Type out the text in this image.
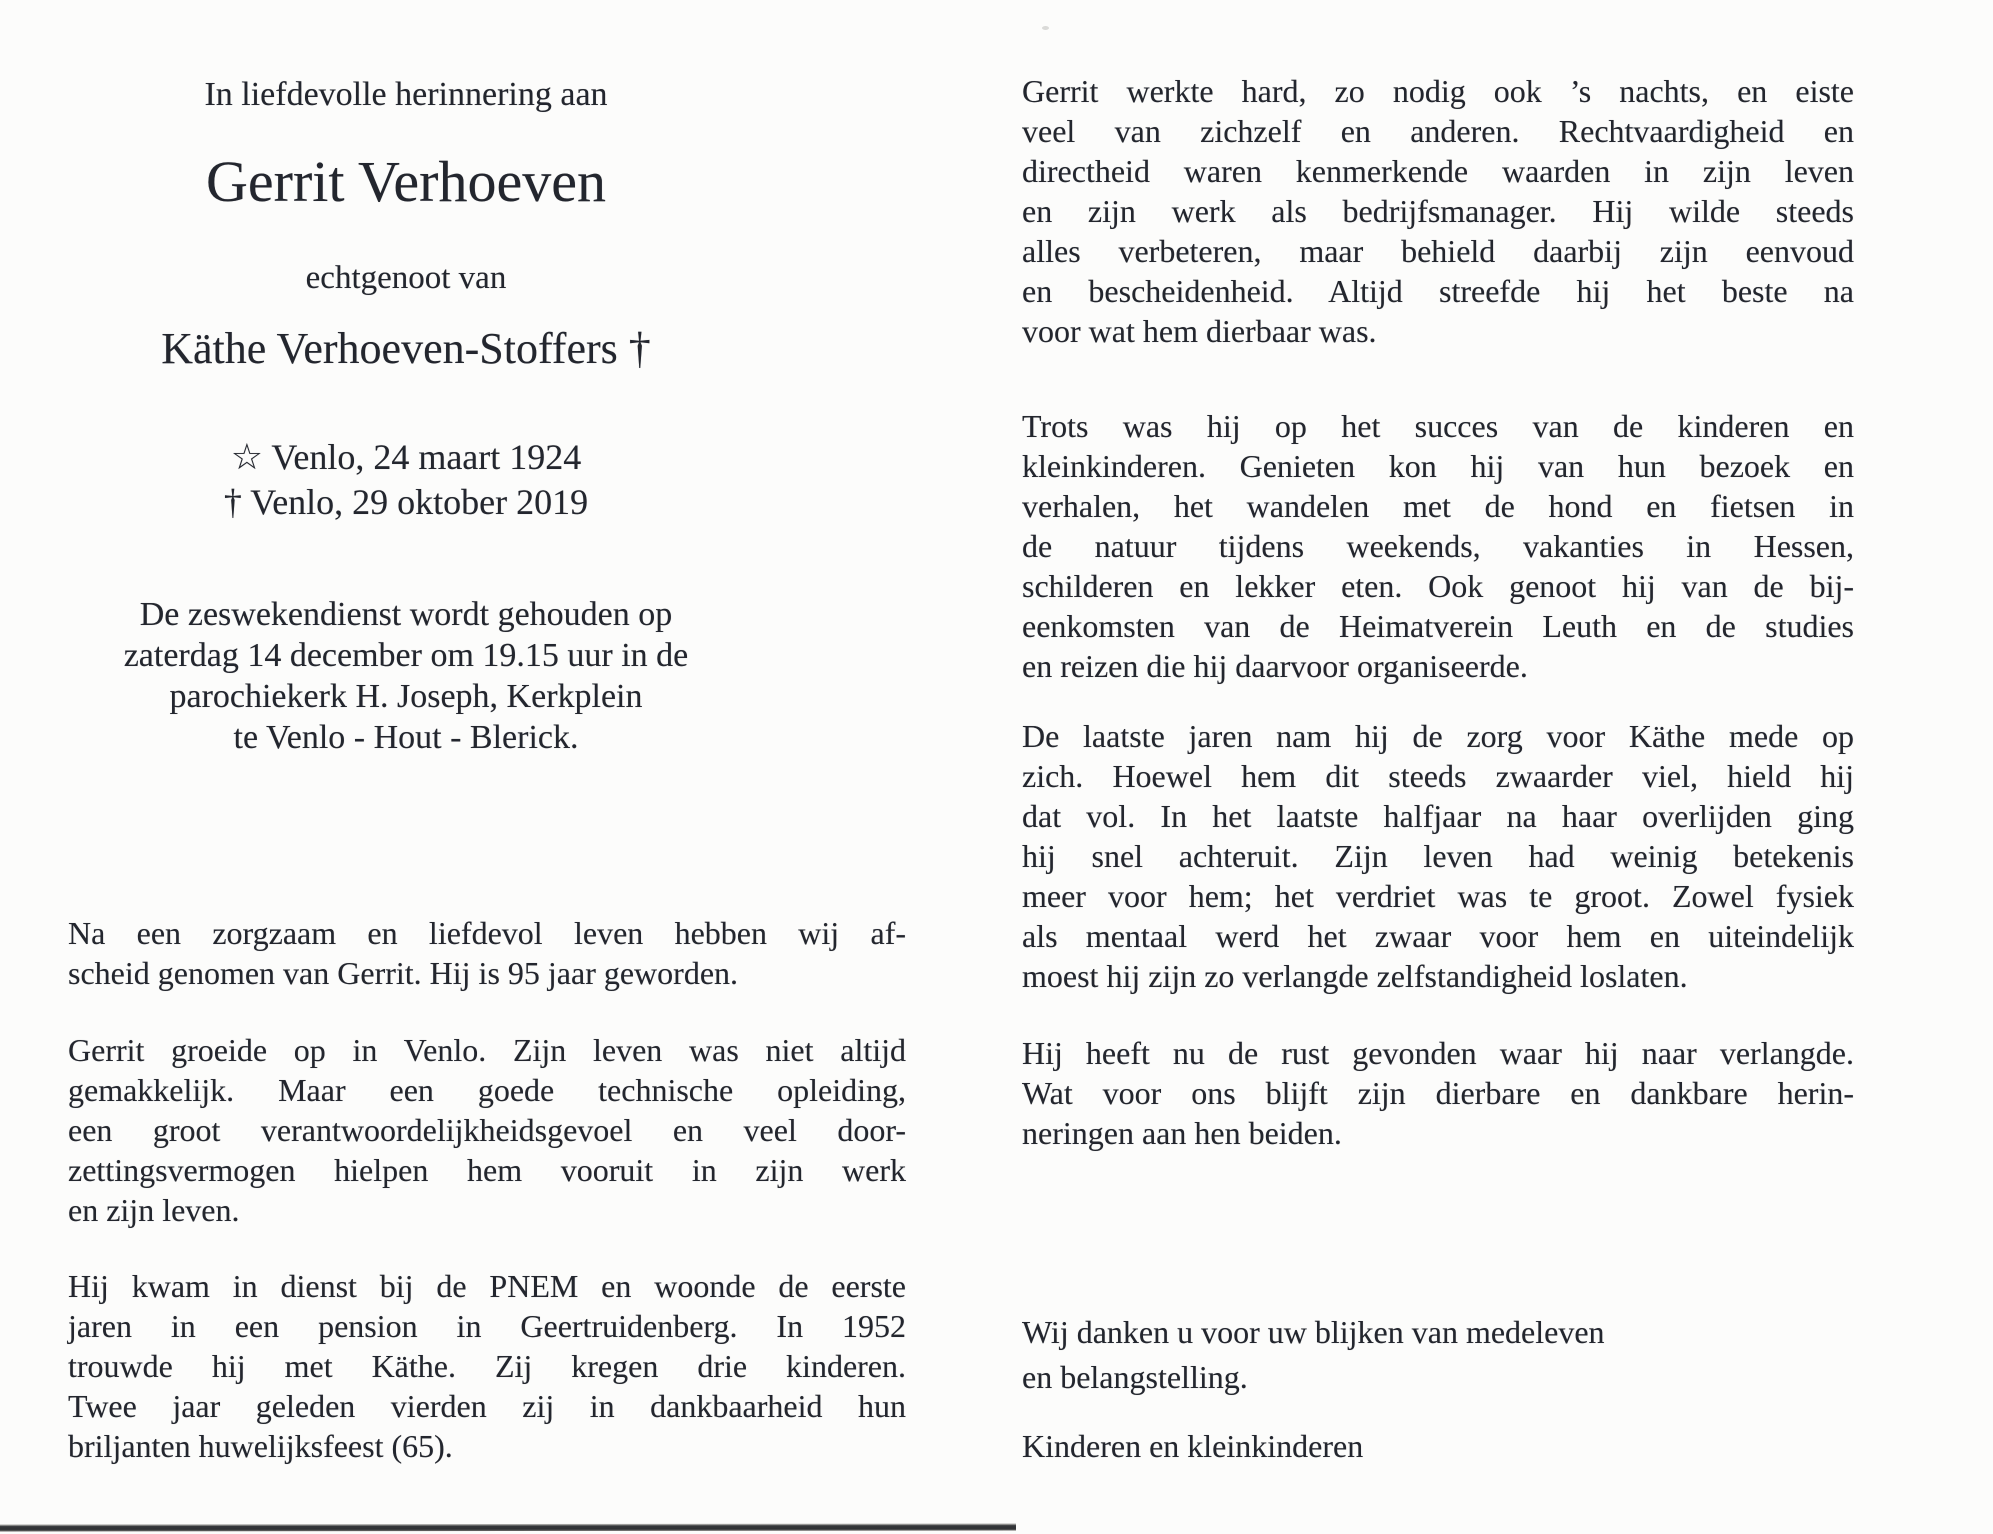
In liefdevolle herinnering aan
Gerrit Verhoeven
echtgenoot van
Käthe Verhoeven-Stoffers †
☆ Venlo, 24 maart 1924
† Venlo, 29 oktober 2019
De zeswekendienst wordt gehouden op
zaterdag 14 december om 19.15 uur in de
parochiekerk H. Joseph, Kerkplein
te Venlo - Hout - Blerick.
Na een zorgzaam en liefdevol leven hebben wij af-
scheid genomen van Gerrit. Hij is 95 jaar geworden.
Gerrit groeide op in Venlo. Zijn leven was niet altijd
gemakkelijk. Maar een goede technische opleiding,
een groot verantwoordelijkheidsgevoel en veel door-
zettingsvermogen hielpen hem vooruit in zijn werk
en zijn leven.
Hij kwam in dienst bij de PNEM en woonde de eerste
jaren in een pension in Geertruidenberg. In 1952
trouwde hij met Käthe. Zij kregen drie kinderen.
Twee jaar geleden vierden zij in dankbaarheid hun
briljanten huwelijksfeest (65).
Gerrit werkte hard, zo nodig ook ’s nachts, en eiste
veel van zichzelf en anderen. Rechtvaardigheid en
directheid waren kenmerkende waarden in zijn leven
en zijn werk als bedrijfsmanager. Hij wilde steeds
alles verbeteren, maar behield daarbij zijn eenvoud
en bescheidenheid. Altijd streefde hij het beste na
voor wat hem dierbaar was.
Trots was hij op het succes van de kinderen en
kleinkinderen. Genieten kon hij van hun bezoek en
verhalen, het wandelen met de hond en fietsen in
de natuur tijdens weekends, vakanties in Hessen,
schilderen en lekker eten. Ook genoot hij van de bij-
eenkomsten van de Heimatverein Leuth en de studies
en reizen die hij daarvoor organiseerde.
De laatste jaren nam hij de zorg voor Käthe mede op
zich. Hoewel hem dit steeds zwaarder viel, hield hij
dat vol. In het laatste halfjaar na haar overlijden ging
hij snel achteruit. Zijn leven had weinig betekenis
meer voor hem; het verdriet was te groot. Zowel fysiek
als mentaal werd het zwaar voor hem en uiteindelijk
moest hij zijn zo verlangde zelfstandigheid loslaten.
Hij heeft nu de rust gevonden waar hij naar verlangde.
Wat voor ons blijft zijn dierbare en dankbare herin-
neringen aan hen beiden.
Wij danken u voor uw blijken van medeleven
en belangstelling.
Kinderen en kleinkinderen
